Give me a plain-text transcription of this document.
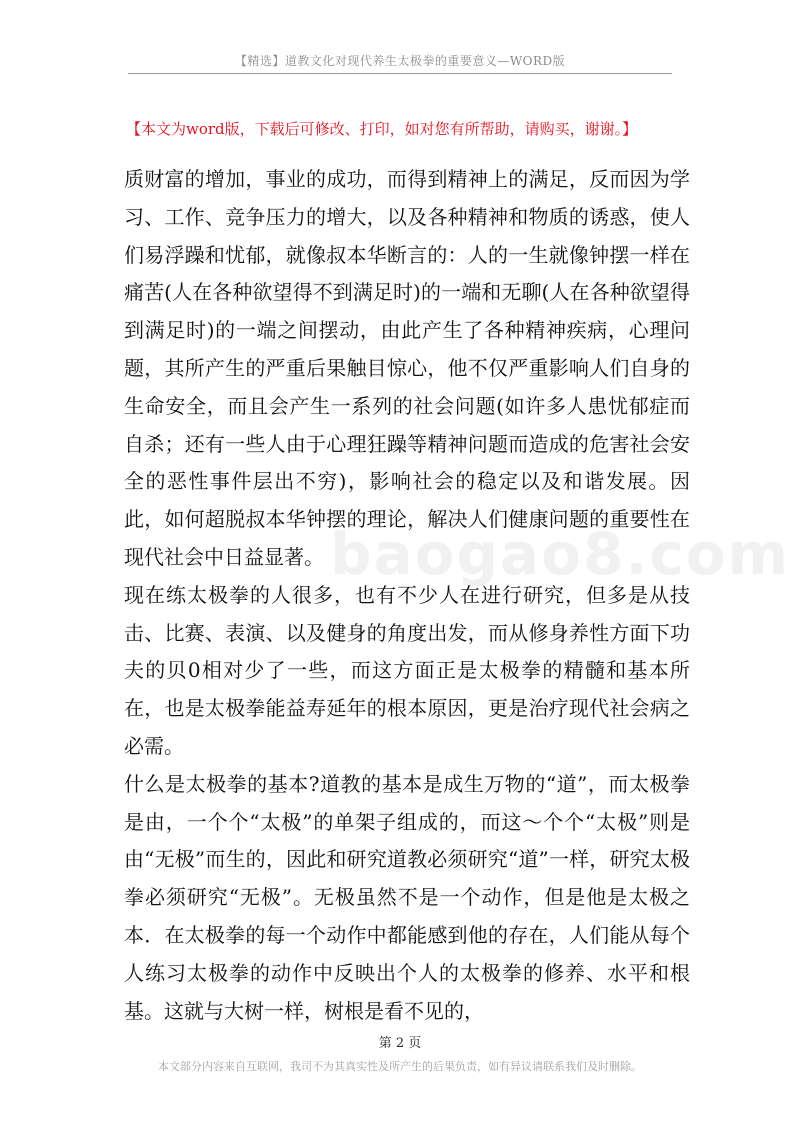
【精选】道教文化对现代养生太极拳的重要意义—WORD版
【本文为word版，下载后可修改、打印，如对您有所帮助，请购买，谢谢。】
baogao8.com

质财富的增加，事业的成功，而得到精神上的满足，反而因为学习、工作、竞争压力的增大，以及各种精神和物质的诱惑，使人们易浮躁和忧郁，就像叔本华断言的：人的一生就像钟摆一样在痛苦(人在各种欲望得不到满足时)的一端和无聊(人在各种欲望得到满足时)的一端之间摆动，由此产生了各种精神疾病，心理问题，其所产生的严重后果触目惊心，他不仅严重影响人们自身的生命安全，而且会产生一系列的社会问题(如许多人患忧郁症而自杀；还有一些人由于心理狂躁等精神问题而造成的危害社会安全的恶性事件层出不穷)，影响社会的稳定以及和谐发展。因此，如何超脱叔本华钟摆的理论，解决人们健康问题的重要性在现代社会中日益显著。

现在练太极拳的人很多，也有不少人在进行研究，但多是从技击、比赛、表演、以及健身的角度出发，而从修身养性方面下功夫的贝0相对少了一些，而这方面正是太极拳的精髓和基本所在，也是太极拳能益寿延年的根本原因，更是治疗现代社会病之必需。

什么是太极拳的基本?道教的基本是成生万物的“道”，而太极拳是由，一个个“太极”的单架子组成的，而这～个个“太极”则是由“无极”而生的，因此和研究道教必须研究“道”一样，研究太极拳必须研究“无极”。无极虽然不是一个动作，但是他是太极之本．在太极拳的每一个动作中都能感到他的存在，人们能从每个人练习太极拳的动作中反映出个人的太极拳的修养、水平和根基。这就与大树一样，树根是看不见的，

第 2 页
本文部分内容来自互联网，我司不为其真实性及所产生的后果负责，如有异议请联系我们及时删除。
